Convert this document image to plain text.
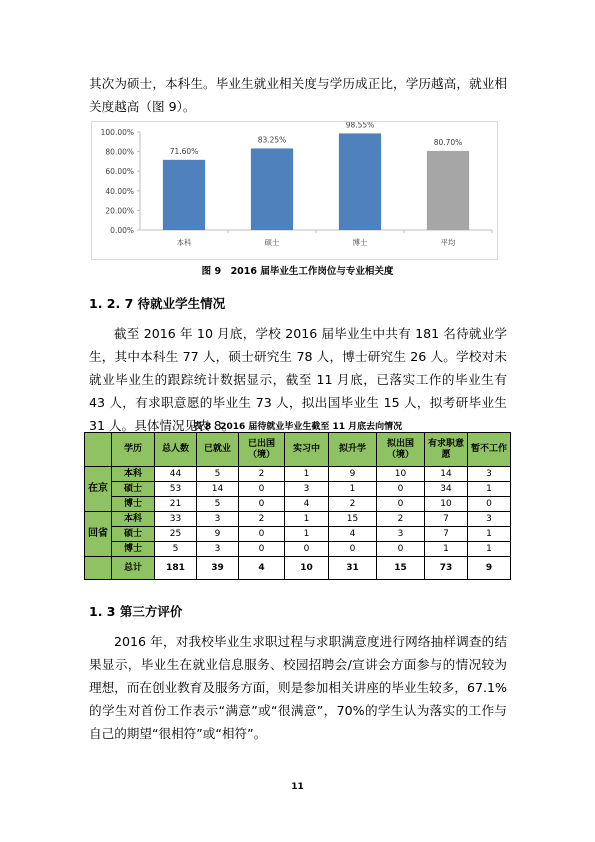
其次为硕士，本科生。毕业生就业相关度与学历成正比，学历越高，就业相关度越高（图 9）。

0.00%
20.00%
40.00%
60.00%
80.00%
100.00%
71.60%
本科
83.25%
硕士
98.55%
博士
80.70%
平均

图 9　2016 届毕业生工作岗位与专业相关度

1. 2. 7 待就业学生情况

截至 2016 年 10 月底，学校 2016 届毕业生中共有 181 名待就业学生，其中本科生 77 人，硕士研究生 78 人，博士研究生 26 人。学校对未就业毕业生的跟踪统计数据显示，截至 11 月底，已落实工作的毕业生有 43 人，有求职意愿的毕业生 73 人，拟出国毕业生 15 人，拟考研毕业生 31 人。具体情况见表 8。

表 8　2016 届待就业毕业生截至 11 月底去向情况

	学历	总人数	已就业	已出国（境）	实习中	拟升学	拟出国（境）	有求职意愿	暂不工作
在京	本科	44	5	2	1	9	10	14	3
	硕士	53	14	0	3	1	0	34	1
	博士	21	5	0	4	2	0	10	0
回省	本科	33	3	2	1	15	2	7	3
	硕士	25	9	0	1	4	3	7	1
	博士	5	3	0	0	0	0	1	1
	总计	181	39	4	10	31	15	73	9

1. 3 第三方评价

2016 年，对我校毕业生求职过程与求职满意度进行网络抽样调查的结果显示，毕业生在就业信息服务、校园招聘会/宣讲会方面参与的情况较为理想，而在创业教育及服务方面，则是参加相关讲座的毕业生较多，67.1%的学生对首份工作表示“满意”或“很满意”，70%的学生认为落实的工作与自己的期望“很相符”或“相符”。

11
